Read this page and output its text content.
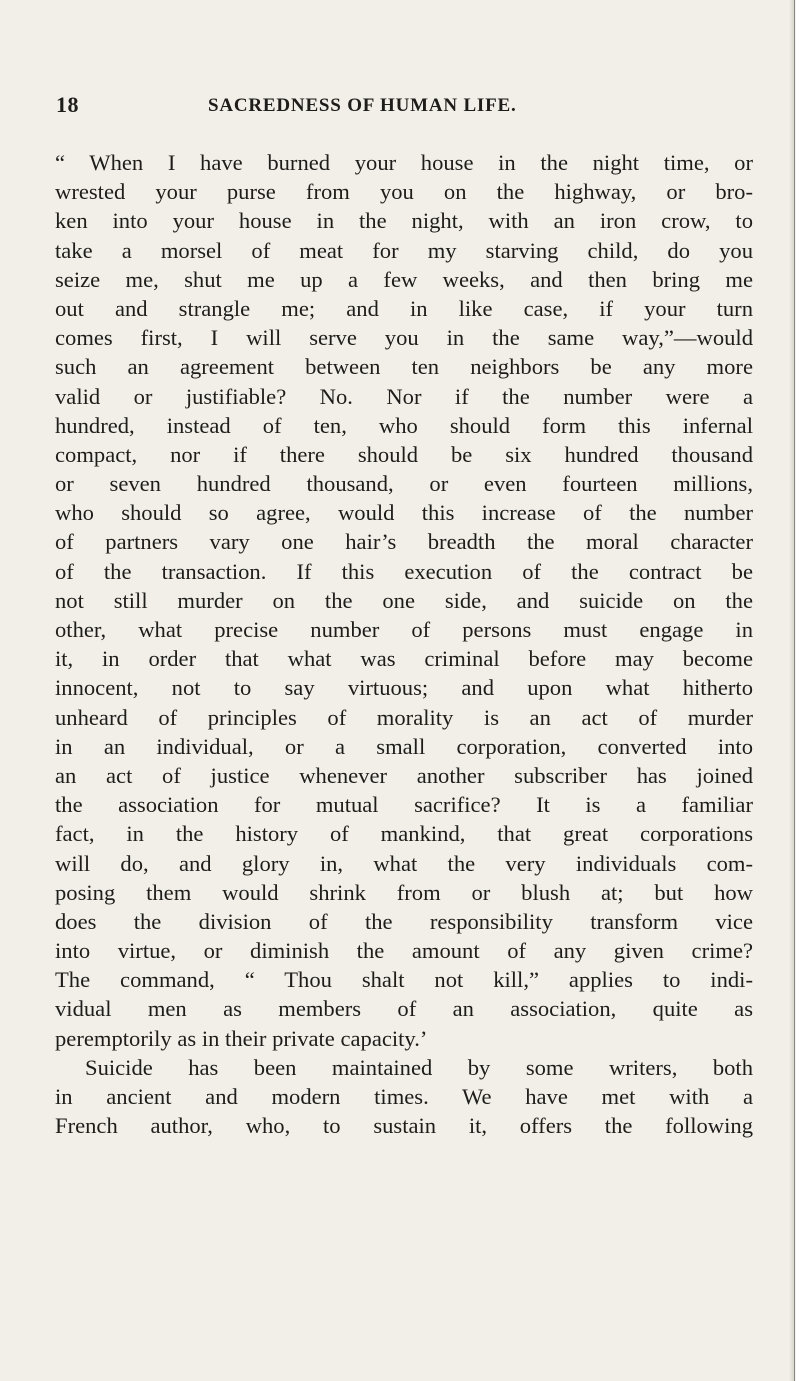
18	SACREDNESS OF HUMAN LIFE.
“ When I have burned your house in the night time, or
wrested your purse from you on the highway, or bro-
ken into your house in the night, with an iron crow, to
take a morsel of meat for my starving child, do you
seize me, shut me up a few weeks, and then bring me
out and strangle me; and in like case, if your turn
comes first, I will serve you in the same way,”—would
such an agreement between ten neighbors be any more
valid or justifiable? No. Nor if the number were a
hundred, instead of ten, who should form this infernal
compact, nor if there should be six hundred thousand
or seven hundred thousand, or even fourteen millions,
who should so agree, would this increase of the number
of partners vary one hair’s breadth the moral character
of the transaction. If this execution of the contract be
not still murder on the one side, and suicide on the
other, what precise number of persons must engage in
it, in order that what was criminal before may become
innocent, not to say virtuous; and upon what hitherto
unheard of principles of morality is an act of murder
in an individual, or a small corporation, converted into
an act of justice whenever another subscriber has joined
the association for mutual sacrifice? It is a familiar
fact, in the history of mankind, that great corporations
will do, and glory in, what the very individuals com-
posing them would shrink from or blush at; but how
does the division of the responsibility transform vice
into virtue, or diminish the amount of any given crime?
The command, “ Thou shalt not kill,” applies to indi-
vidual men as members of an association, quite as
peremptorily as in their private capacity.’
Suicide has been maintained by some writers, both
in ancient and modern times. We have met with a
French author, who, to sustain it, offers the following
